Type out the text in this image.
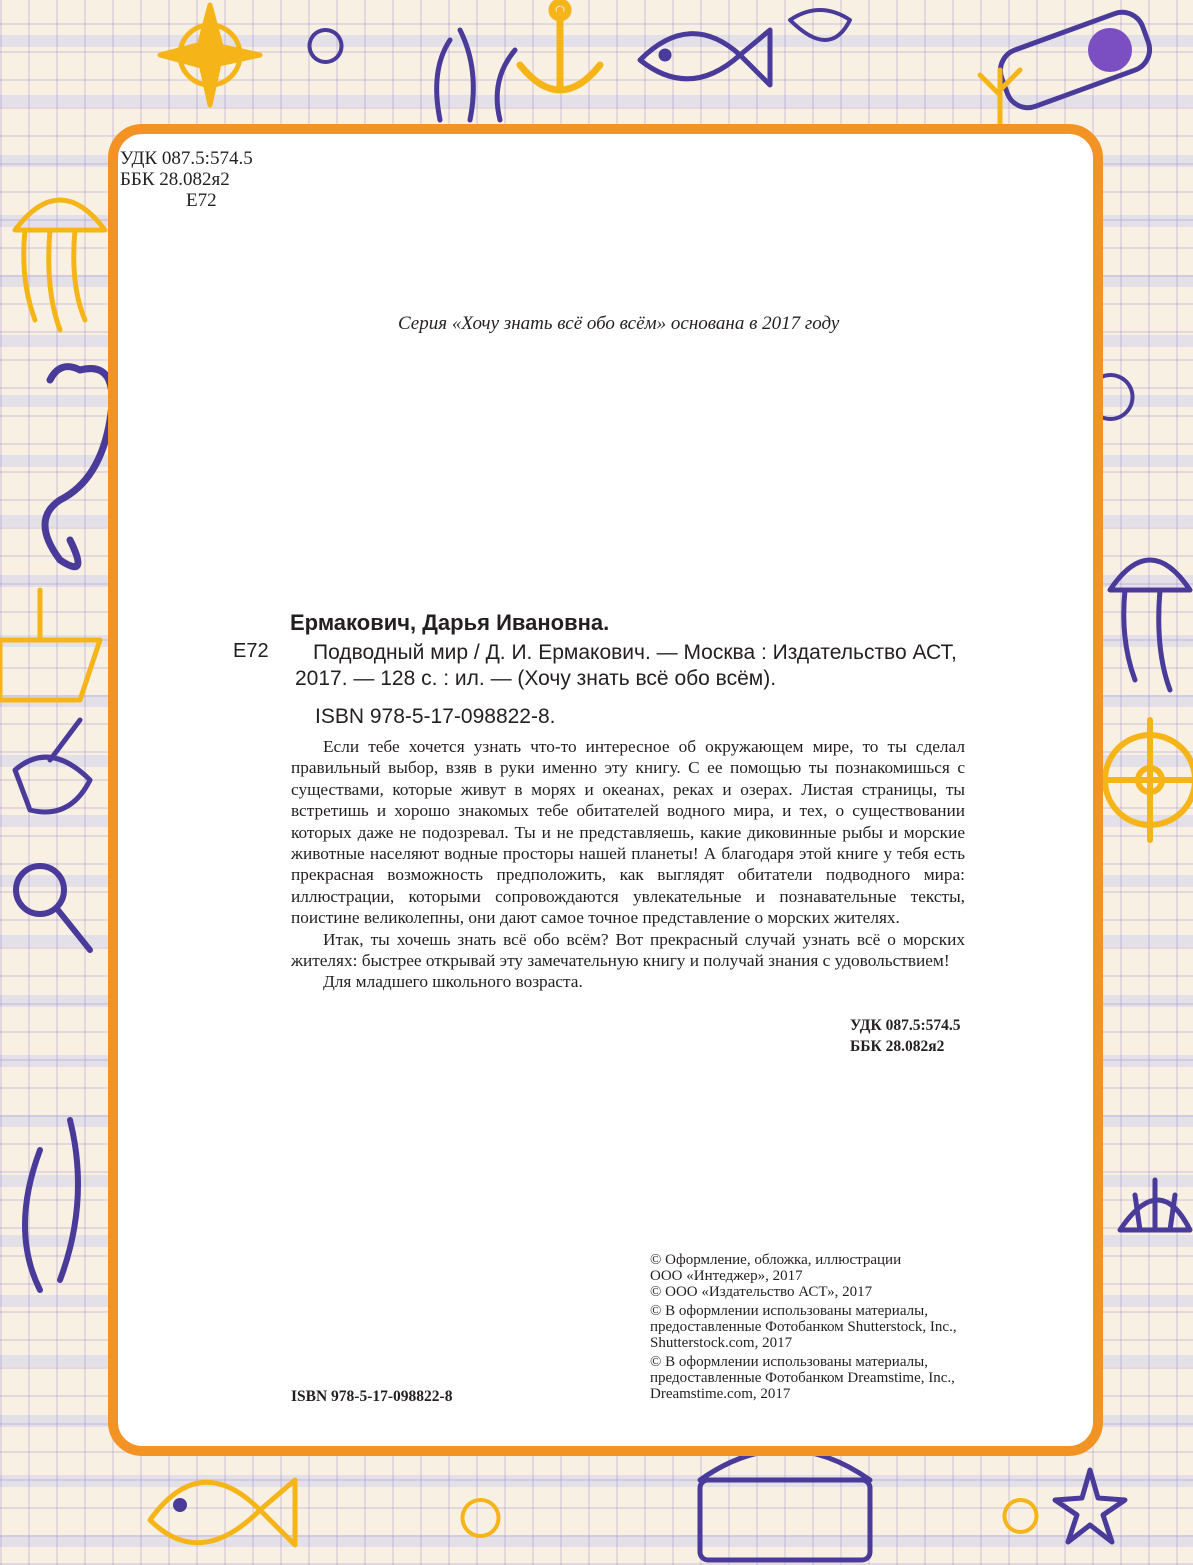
УДК 087.5:574.5
ББК 28.082я2
Е72
Серия «Хочу знать всё обо всём» основана в 2017 году
Ермакович, Дарья Ивановна.
Е72	Подводный мир / Д. И. Ермакович. — Москва : Издательство АСТ,
2017. — 128 с. : ил. — (Хочу знать всё обо всём).
ISBN 978-5-17-098822-8.

Если тебе хочется узнать что-то интересное об окружающем мире, то ты сделал правильный выбор, взяв в руки именно эту книгу. С ее помощью ты познакомишься с существами, которые живут в морях и океанах, реках и озерах. Листая страницы, ты встретишь и хорошо знакомых тебе обитателей водного мира, и тех, о существовании которых даже не подозревал. Ты и не представляешь, какие диковинные рыбы и морские животные населяют водные просторы нашей планеты! А благодаря этой книге у тебя есть прекрасная возможность предположить, как выглядят обитатели подводного мира: иллюстрации, которыми сопровождаются увлекательные и познавательные тексты, поистине великолепны, они дают самое точное представление о морских жителях.

Итак, ты хочешь знать всё обо всём? Вот прекрасный случай узнать всё о морских жителях: быстрее открывай эту замечательную книгу и получай знания с удовольствием!

Для младшего школьного возраста.

УДК 087.5:574.5
ББК 28.082я2
ISBN 978-5-17-098822-8
© Оформление, обложка, иллюстрации
ООО «Интеджер», 2017
© ООО «Издательство АСТ», 2017
© В оформлении использованы материалы,
предоставленные Фотобанком Shutterstock, Inc.,
Shutterstock.com, 2017
© В оформлении использованы материалы,
предоставленные Фотобанком Dreamstime, Inc.,
Dreamstime.com, 2017
